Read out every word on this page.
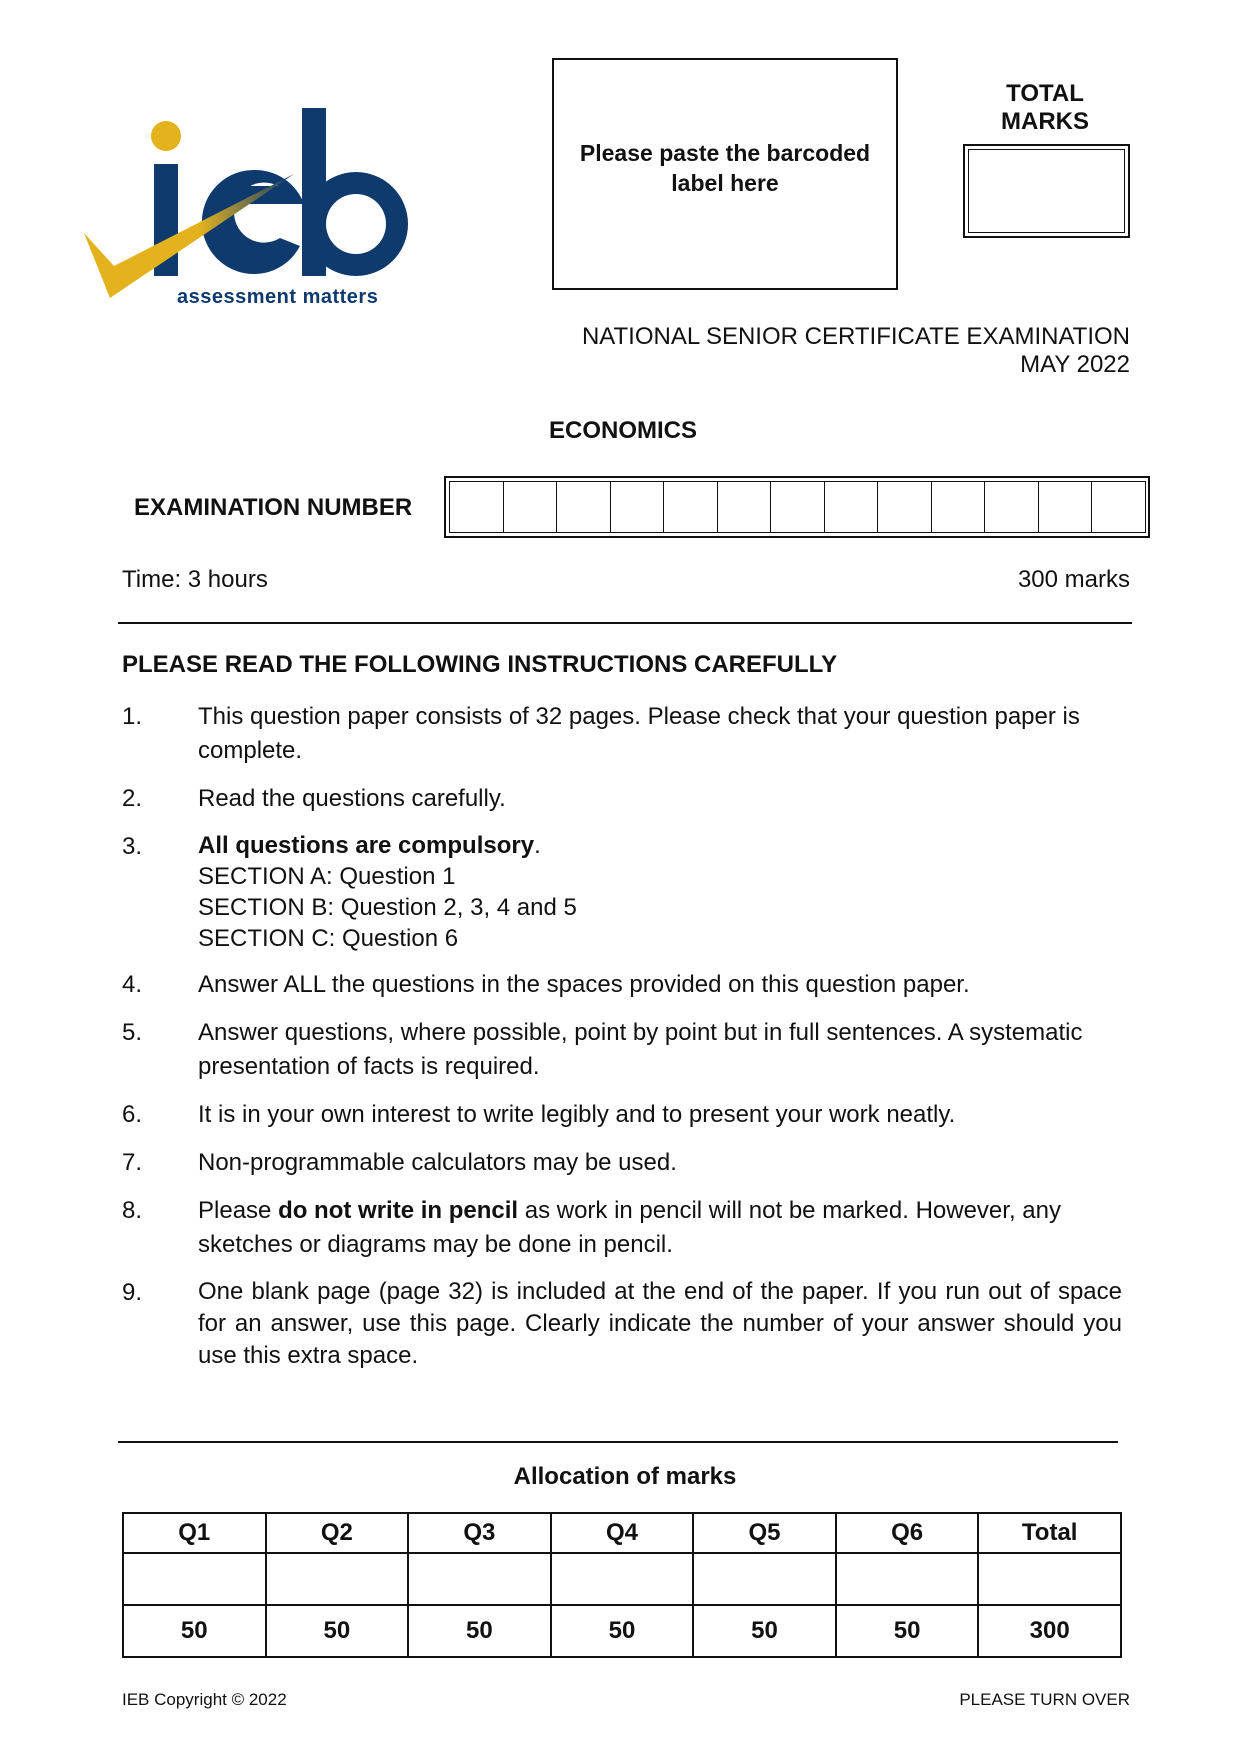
assessment matters
Please paste the barcoded label here
TOTAL MARKS
NATIONAL SENIOR CERTIFICATE EXAMINATION
MAY 2022
ECONOMICS
EXAMINATION NUMBER
Time: 3 hours	300 marks
PLEASE READ THE FOLLOWING INSTRUCTIONS CAREFULLY
1.	This question paper consists of 32 pages. Please check that your question paper is complete.
2.	Read the questions carefully.
3.	All questions are compulsory.

SECTION A: Question 1

SECTION B: Question 2, 3, 4 and 5

SECTION C: Question 6

4.	Answer ALL the questions in the spaces provided on this question paper.
5.	Answer questions, where possible, point by point but in full sentences. A systematic presentation of facts is required.
6.	It is in your own interest to write legibly and to present your work neatly.
7.	Non-programmable calculators may be used.
8.	Please do not write in pencil as work in pencil will not be marked. However, any sketches or diagrams may be done in pencil.
9.	One blank page (page 32) is included at the end of the paper. If you run out of space for an answer, use this page. Clearly indicate the number of your answer should you use this extra space.
Allocation of marks
Q1	Q2	Q3	Q4	Q5	Q6	Total

50	50	50	50	50	50	300
IEB Copyright © 2022	PLEASE TURN OVER
